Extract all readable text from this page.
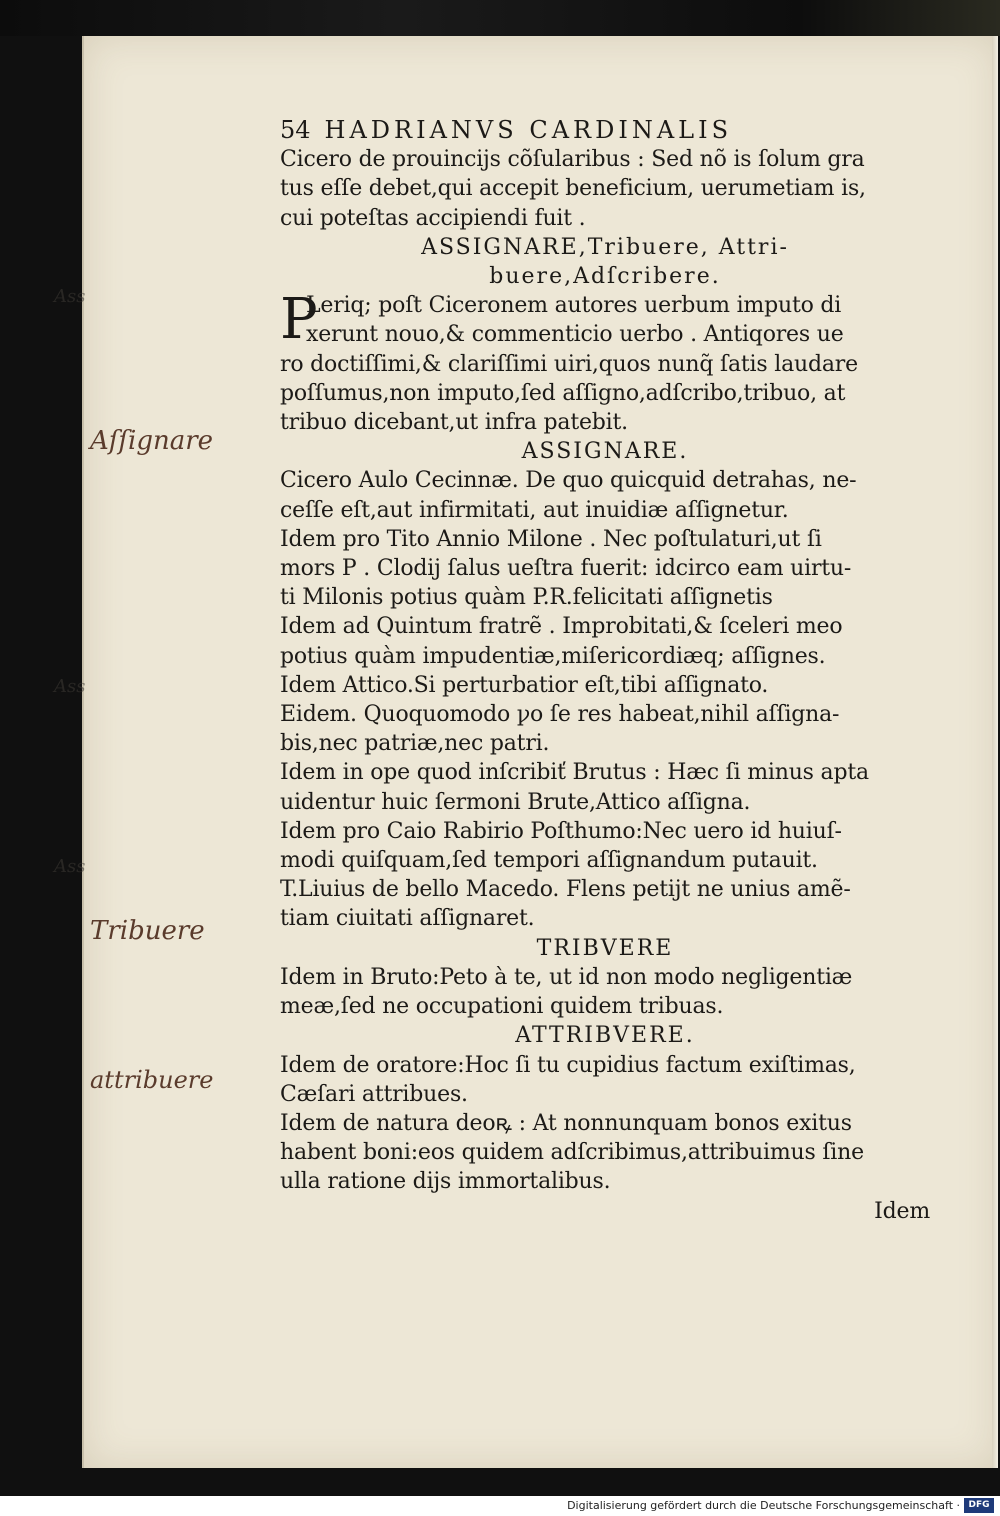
Aſſignare
Tribuere
attribuere
Ass
Ass
Ass
54 HADRIANVS CARDINALIS
Cicero de prouincijs cõſularibus : Sed nõ is ſolum gra
tus eſſe debet,qui accepit beneficium, uerumetiam is,
cui poteſtas accipiendi fuit .
ASSIGNARE,Tribuere, Attri-
buere,Adſcribere.
P
Leriq; poſt Ciceronem autores uerbum imputo di
xerunt nouo,& commenticio uerbo . Antiqores ue
ro doctiſſimi,& clariſſimi uiri,quos nunq̃ ſatis laudare
poſſumus,non imputo,ſed aſſigno,adſcribo,tribuo, at
tribuo dicebant,ut infra patebit.
ASSIGNARE.
Cicero Aulo Cecinnæ. De quo quicquid detrahas, ne-
ceſſe eſt,aut infirmitati, aut inuidiæ aſſignetur.
Idem pro Tito Annio Milone . Nec poſtulaturi,ut ſi
mors P . Clodij ſalus ueſtra fuerit: idcirco eam uirtu-
ti Milonis potius quàm P.R.felicitati aſſignetis
Idem ad Quintum fratrẽ . Improbitati,& ſceleri meo
potius quàm impudentiæ,miſericordiæq; aſſignes.
Idem Attico.Si perturbatior eſt,tibi aſſignato.
Eidem. Quoquomodo ꝩo ſe res habeat,nihil aſſigna-
bis,nec patriæ,nec patri.
Idem in ope quod inſcribiť Brutus : Hæc ſi minus apta
uidentur huic ſermoni Brute,Attico aſſigna.
Idem pro Caio Rabirio Poſthumo:Nec uero id huiuſ-
modi quiſquam,ſed tempori aſſignandum putauit.
T.Liuius de bello Macedo. Flens petijt ne unius amẽ-
tiam ciuitati aſſignaret.
TRIBVERE
Idem in Bruto:Peto à te, ut id non modo negligentiæ
meæ,ſed ne occupationi quidem tribuas.
ATTRIBVERE.
Idem de oratore:Hoc ſi tu cupidius factum exiſtimas,
Cæſari attribues.
Idem de natura deoꝶ : At nonnunquam bonos exitus
habent boni:eos quidem adſcribimus,attribuimus ſine
ulla ratione dijs immortalibus.
Idem
Digitalisierung gefördert durch die Deutsche Forschungsgemeinschaft · DFG
